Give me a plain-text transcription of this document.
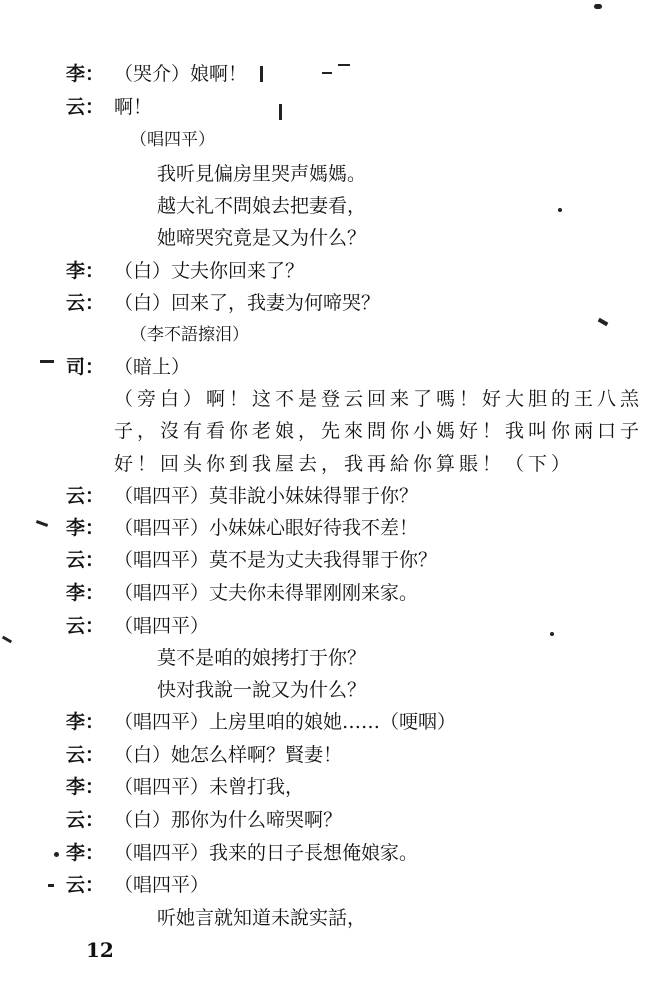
李： （哭介）娘啊！
云： 啊！
（唱四平）
我听見偏房里哭声媽媽。
越大礼不問娘去把妻看，
她啼哭究竟是又为什么？
李： （白）丈夫你回来了？
云： （白）回来了，我妻为何啼哭？
（李不語擦泪）
司： （暗上）
（旁白）啊！这不是登云回来了嗎！好大胆的王八羔
子，沒有看你老娘，先來問你小媽好！我叫你兩口子
好！回头你到我屋去，我再給你算賬！（下）
云： （唱四平）莫非說小妹妹得罪于你？
李： （唱四平）小妹妹心眼好待我不差！
云： （唱四平）莫不是为丈夫我得罪于你？
李： （唱四平）丈夫你未得罪刚刚来家。
云： （唱四平）
莫不是咱的娘拷打于你？
快对我說一說又为什么？
李： （唱四平）上房里咱的娘她……（哽咽）
云： （白）她怎么样啊？賢妻！
李： （唱四平）未曾打我，
云： （白）那你为什么啼哭啊？
李： （唱四平）我来的日子長想俺娘家。
云： （唱四平）
听她言就知道未說实話，
12
